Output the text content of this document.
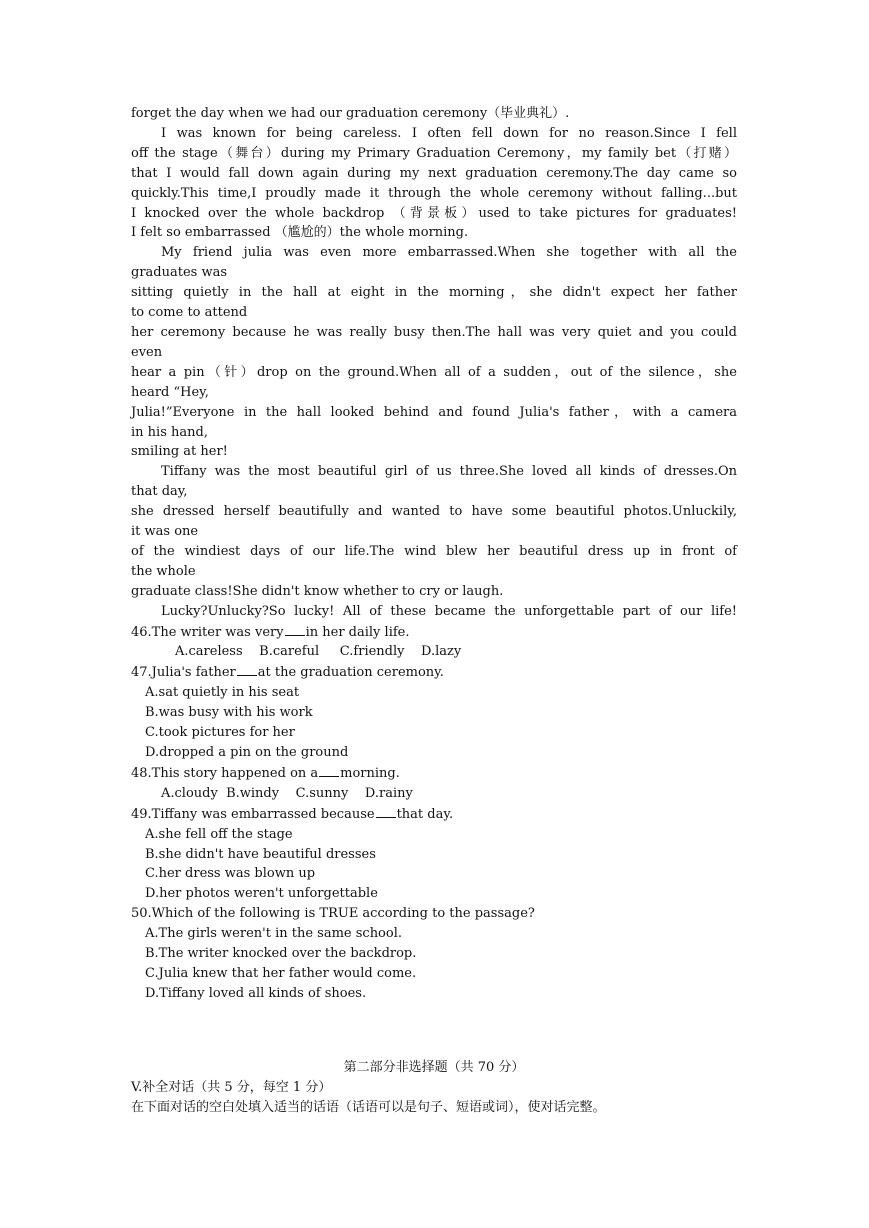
forget the day when we had our graduation ceremony（毕业典礼）.
I was known for being careless. I often fell down for no reason.Since I fell
off the stage（舞台）during my Primary Graduation Ceremony，my family bet（打赌）
that I would fall down again during my next graduation ceremony.The day came so
quickly.This time,I proudly made it through the whole ceremony without falling...but
I knocked over the whole backdrop （背景板）used to take pictures for graduates!
I felt so embarrassed （尴尬的）the whole morning.
My friend julia was even more embarrassed.When she together with all the
graduates was
sitting quietly in the hall at eight in the morning，she didn't expect her father
to come to attend
her ceremony because he was really busy then.The hall was very quiet and you could
even
hear a pin（针）drop on the ground.When all of a sudden，out of the silence，she
heard “Hey,
Julia!”Everyone in the hall looked behind and found Julia's father，with a camera
in his hand,
smiling at her!
Tiffany was the most beautiful girl of us three.She loved all kinds of dresses.On
that day,
she dressed herself beautifully and wanted to have some beautiful photos.Unluckily,
it was one
of the windiest days of our life.The wind blew her beautiful dress up in front of
the whole
graduate class!She didn't know whether to cry or laugh.
Lucky?Unlucky?So lucky! All of these became the unforgettable part of our life!
46.The writer was very in her daily life.
A.careless    B.careful     C.friendly    D.lazy
47.Julia's father at the graduation ceremony.
A.sat quietly in his seat
B.was busy with his work
C.took pictures for her
D.dropped a pin on the ground
48.This story happened on a morning.
A.cloudy  B.windy    C.sunny    D.rainy
49.Tiffany was embarrassed because that day.
A.she fell off the stage
B.she didn't have beautiful dresses
C.her dress was blown up
D.her photos weren't unforgettable
50.Which of the following is TRUE according to the passage?
A.The girls weren't in the same school.
B.The writer knocked over the backdrop.
C.Julia knew that her father would come.
D.Tiffany loved all kinds of shoes.
第二部分非选择题（共 70 分）
V.补全对话（共 5 分，每空 1 分）
在下面对话的空白处填入适当的话语（话语可以是句子、短语或词），使对话完整。
